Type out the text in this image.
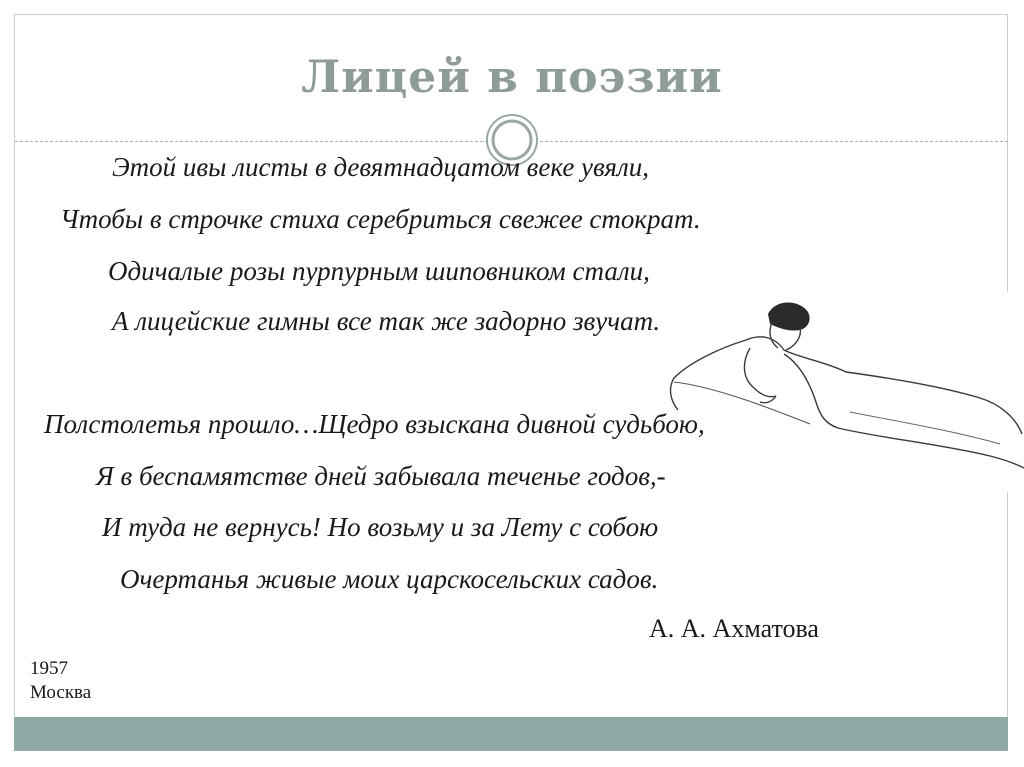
Лицей в поэзии
Этой ивы листы в девятнадцатом веке увяли,
Чтобы в строчке стиха серебриться свежее стократ.
Одичалые розы пурпурным шиповником стали,
А лицейские гимны все так же задорно звучат.
Полстолетья прошло…Щедро взыскана дивной судьбою,
Я в беспамятстве дней забывала теченье годов,-
И туда не вернусь! Но возьму и за Лету с собою
Очертанья живые моих царскосельских садов.
А. А. Ахматова
1957
Москва
